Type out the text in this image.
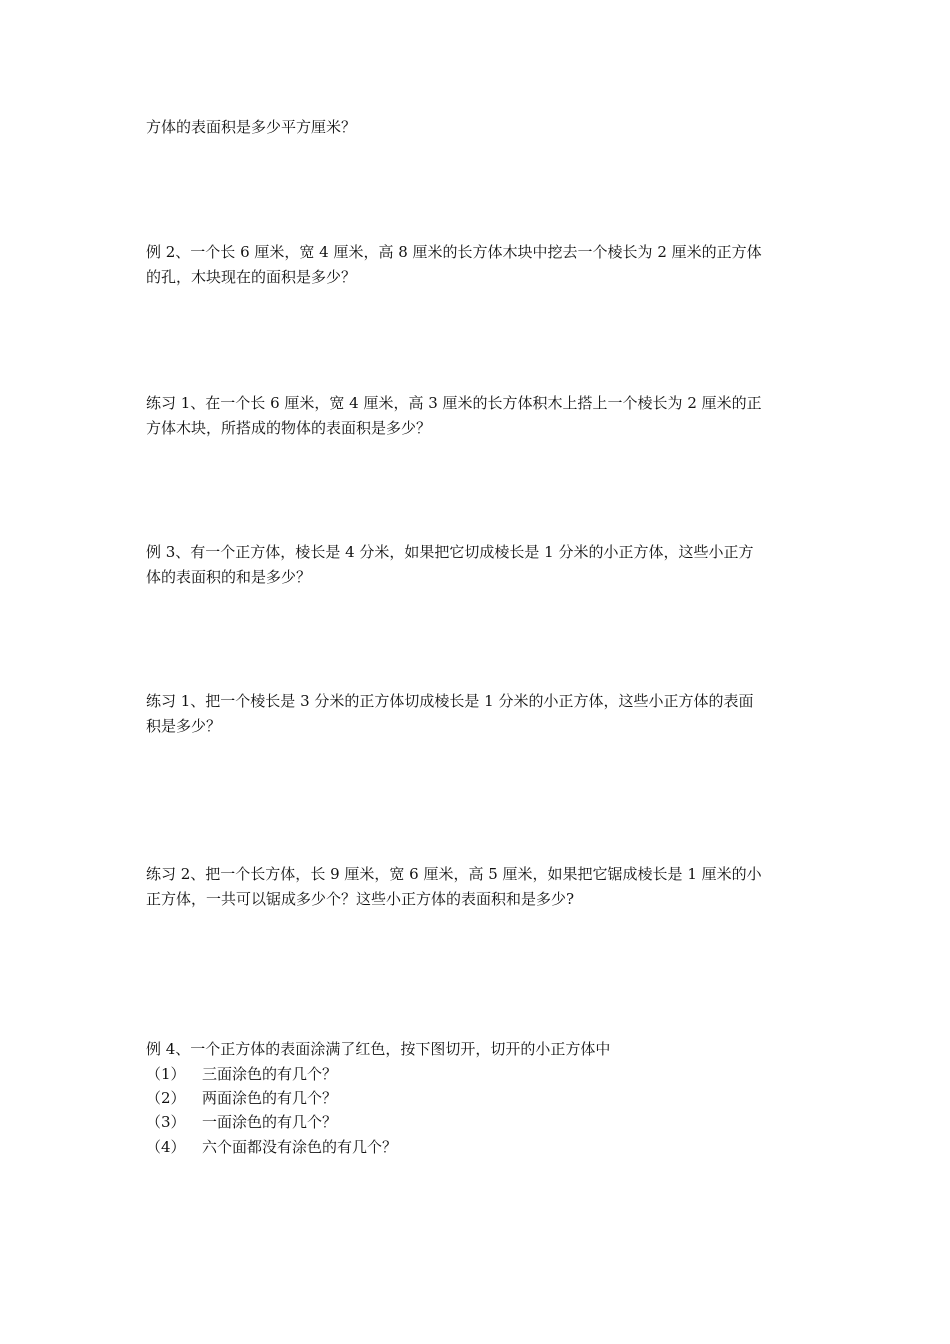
方体的表面积是多少平方厘米？
例 2、一个长 6 厘米，宽 4 厘米，高 8 厘米的长方体木块中挖去一个棱长为 2 厘米的正方体
的孔，木块现在的面积是多少？
练习 1、在一个长 6 厘米，宽 4 厘米，高 3 厘米的长方体积木上搭上一个棱长为 2 厘米的正
方体木块，所搭成的物体的表面积是多少？
例 3、有一个正方体，棱长是 4 分米，如果把它切成棱长是 1 分米的小正方体，这些小正方
体的表面积的和是多少？
练习 1、把一个棱长是 3 分米的正方体切成棱长是 1 分米的小正方体，这些小正方体的表面
积是多少？
练习 2、把一个长方体，长 9 厘米，宽 6 厘米，高 5 厘米，如果把它锯成棱长是 1 厘米的小
正方体，一共可以锯成多少个？这些小正方体的表面积和是多少?
例 4、一个正方体的表面涂满了红色，按下图切开，切开的小正方体中
（1） 三面涂色的有几个？
（2） 两面涂色的有几个？
（3） 一面涂色的有几个？
（4） 六个面都没有涂色的有几个？
